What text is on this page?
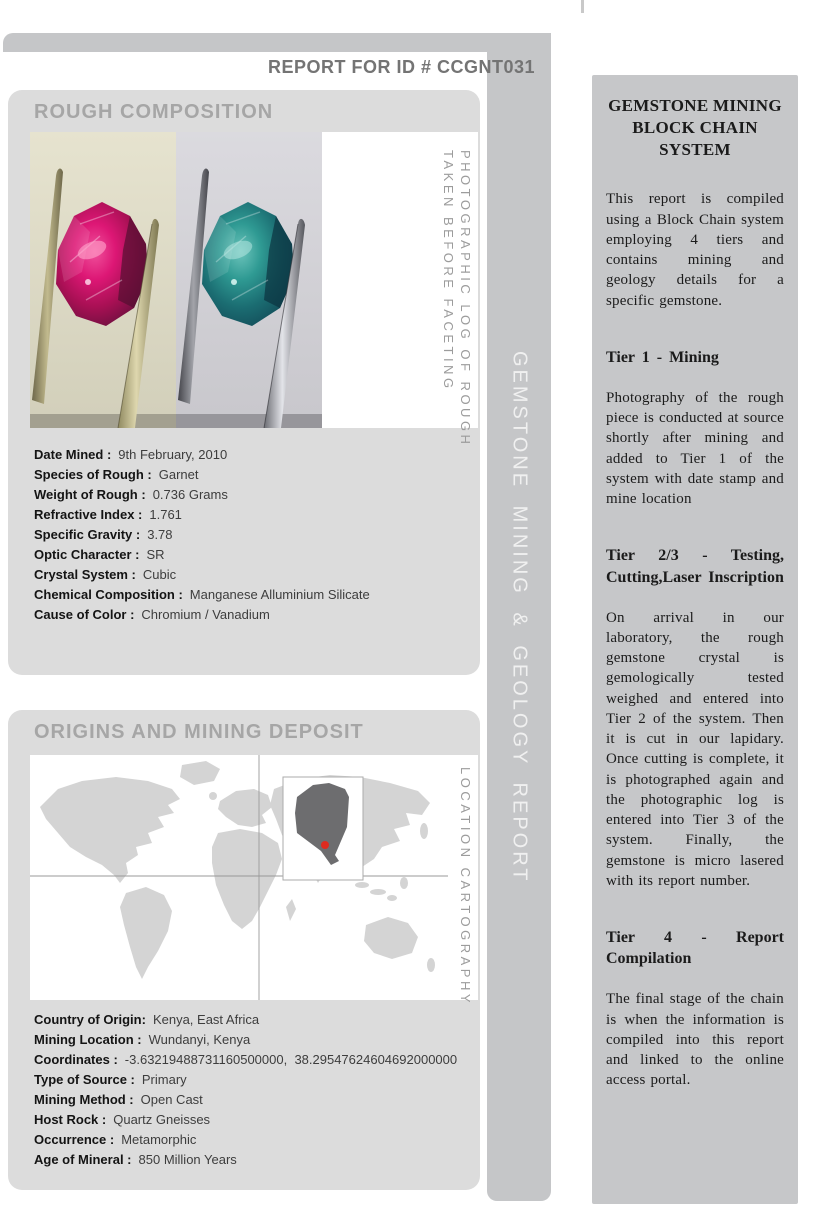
GEMSTONE MINING & GEOLOGY REPORT
REPORT FOR ID # CCGNT031
ROUGH COMPOSITION
PHOTOGRAPHIC LOG OF ROUGH
TAKEN BEFORE FACETING
Date Mined : 9th February, 2010
Species of Rough : Garnet
Weight of Rough : 0.736 Grams
Refractive Index : 1.761
Specific Gravity : 3.78
Optic Character : SR
Crystal System : Cubic
Chemical Composition : Manganese Alluminium Silicate
Cause of Color : Chromium / Vanadium
ORIGINS AND MINING DEPOSIT
LOCATION CARTOGRAPHY
Country of Origin: Kenya, East Africa
Mining Location : Wundanyi, Kenya
Coordinates : -3.63219488731160500000,  38.29547624604692000000
Type of Source : Primary
Mining Method : Open Cast
Host Rock : Quartz Gneisses
Occurrence : Metamorphic
Age of Mineral : 850 Million Years
GEMSTONE MINING BLOCK CHAIN SYSTEM

This report is compiled using a Block Chain system employing 4 tiers and contains mining and geology details for a specific gemstone.

Tier 1 - Mining

Photography of the rough piece is conducted at source shortly after mining and added to Tier 1 of the system with date stamp and mine location

Tier 2/3 - Testing, Cutting,Laser Inscription

On arrival in our laboratory, the rough gemstone crystal is gemologically tested weighed and entered into Tier 2 of the system. Then it is cut in our lapidary. Once cutting is complete, it is photographed again and the photographic log is entered into Tier 3 of the system. Finally, the gemstone is micro lasered with its report number.

Tier 4 - Report Compilation

The final stage of the chain is when the information is compiled into this report and linked to the online access portal.
